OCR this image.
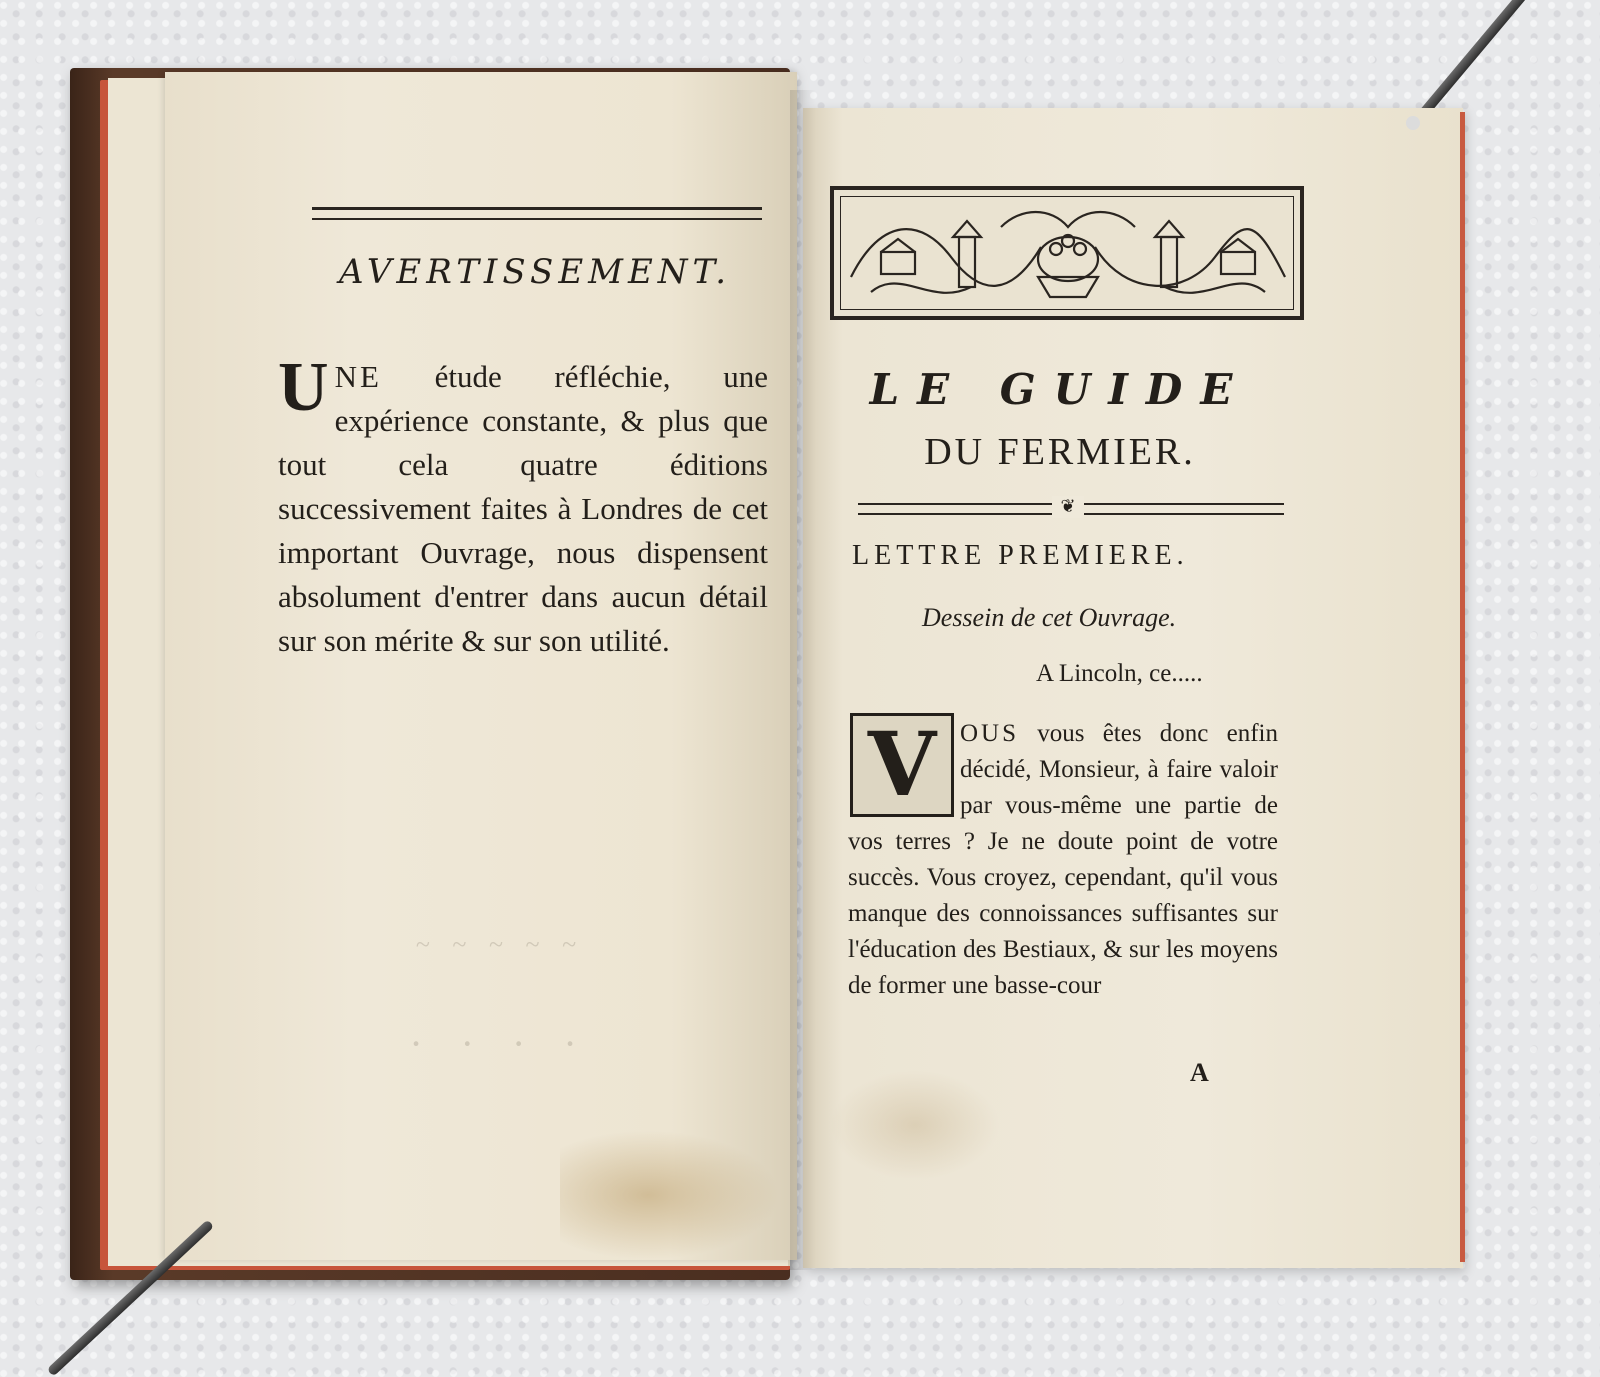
~ ~ ~ ~ ~
· · · ·
AVERTISSEMENT.
UNE étude réfléchie, une expérience constante, & plus que tout cela quatre éditions successivement faites à Londres de cet important Ouvrage, nous dispensent absolument d'entrer dans aucun détail sur son mérite & sur son utilité.
LE GUIDE
DU FERMIER.
❦
LETTRE PREMIERE.
Dessein de cet Ouvrage.
A Lincoln, ce.....
V OUS vous êtes donc enfin décidé, Monsieur, à faire valoir par vous-même une partie de vos terres ? Je ne doute point de votre succès. Vous croyez, cependant, qu'il vous manque des connoissances suffisantes sur l'éducation des Bestiaux, & sur les moyens de former une basse-cour
A
